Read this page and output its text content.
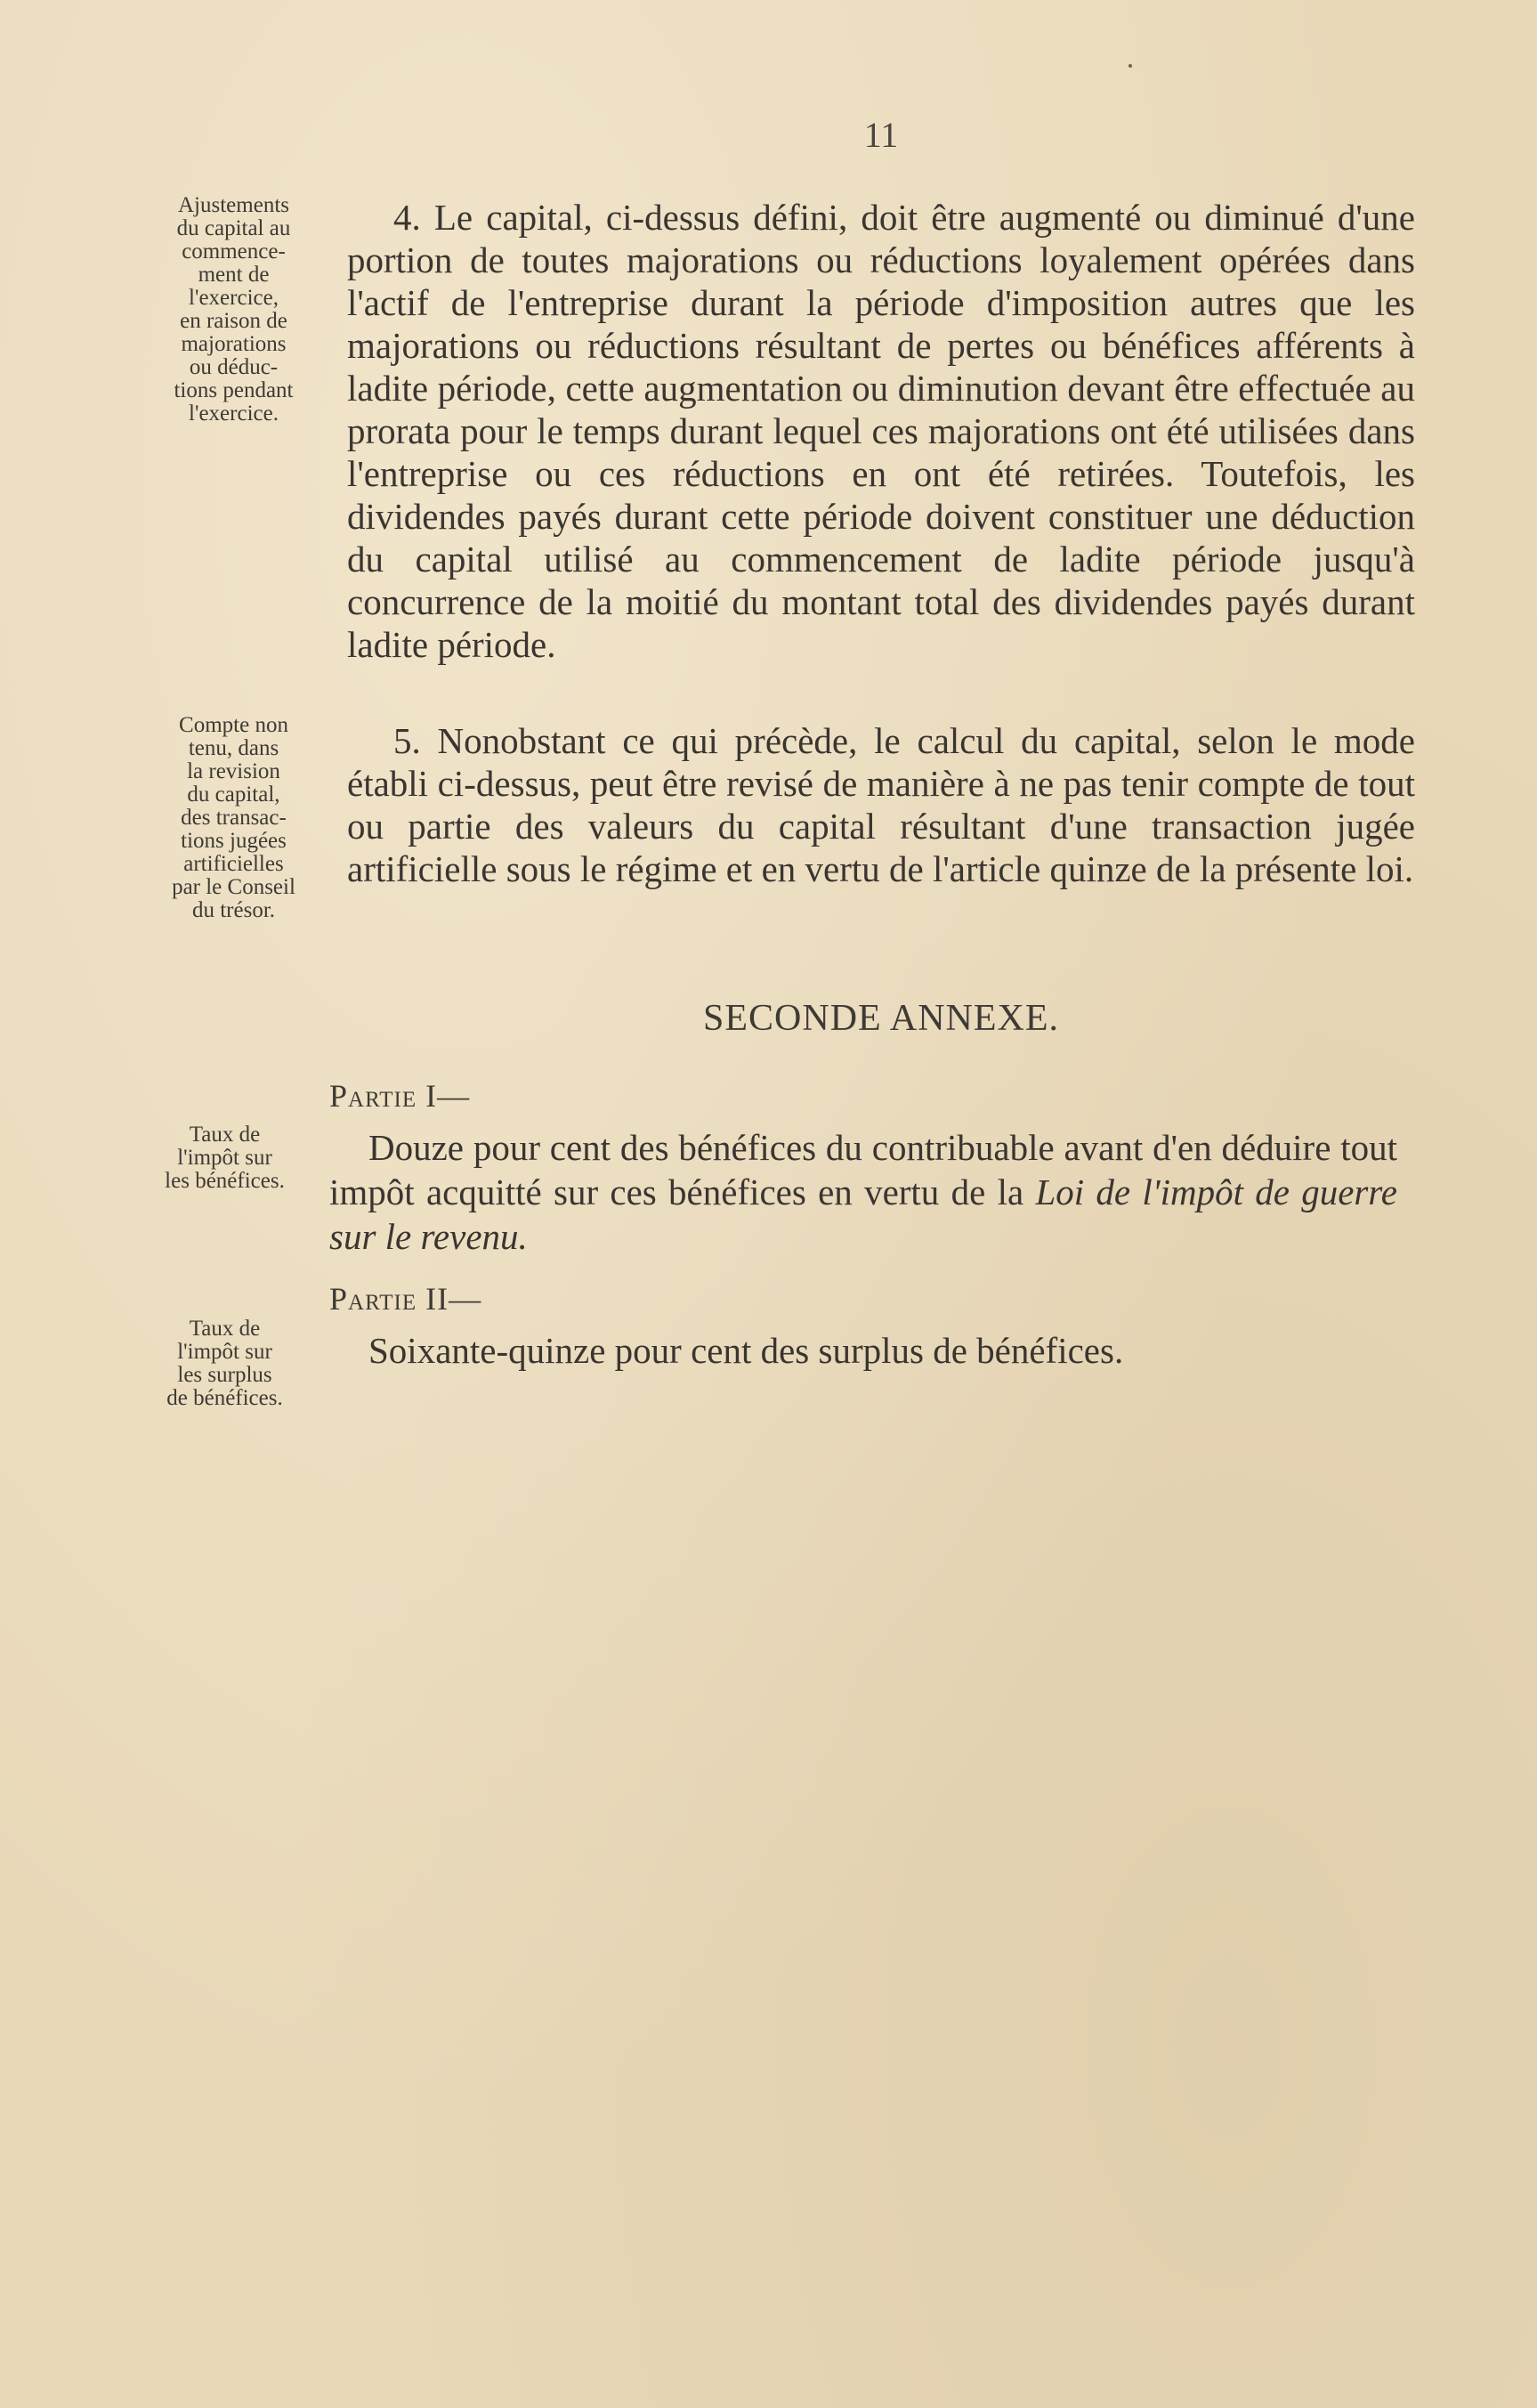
11
Ajustements
du capital au
commence-
ment de
l'exercice,
en raison de
majorations
ou déduc-
tions pendant
l'exercice.
4. Le capital, ci-dessus défini, doit être augmenté ou diminué d'une portion de toutes majorations ou réductions loyalement opérées dans l'actif de l'entreprise durant la période d'imposition autres que les majorations ou réductions résultant de pertes ou bénéfices afférents à ladite période, cette augmentation ou diminution devant être effectuée au prorata pour le temps durant lequel ces majorations ont été utilisées dans l'entreprise ou ces réductions en ont été retirées. Toutefois, les dividendes payés durant cette période doivent constituer une déduction du capital utilisé au commencement de ladite période jusqu'à concurrence de la moitié du montant total des dividendes payés durant ladite période.
Compte non
tenu, dans
la revision
du capital,
des transac-
tions jugées
artificielles
par le Conseil
du trésor.
5. Nonobstant ce qui précède, le calcul du capital, selon le mode établi ci-dessus, peut être revisé de manière à ne pas tenir compte de tout ou partie des valeurs du capital résultant d'une transaction jugée artificielle sous le régime et en vertu de l'article quinze de la présente loi.
SECONDE ANNEXE.
Partie I—
Taux de
l'impôt sur
les bénéfices.
Douze pour cent des bénéfices du contribuable avant d'en déduire tout impôt acquitté sur ces bénéfices en vertu de la Loi de l'impôt de guerre sur le revenu.
Partie II—
Taux de
l'impôt sur
les surplus
de bénéfices.
Soixante-quinze pour cent des surplus de bénéfices.
